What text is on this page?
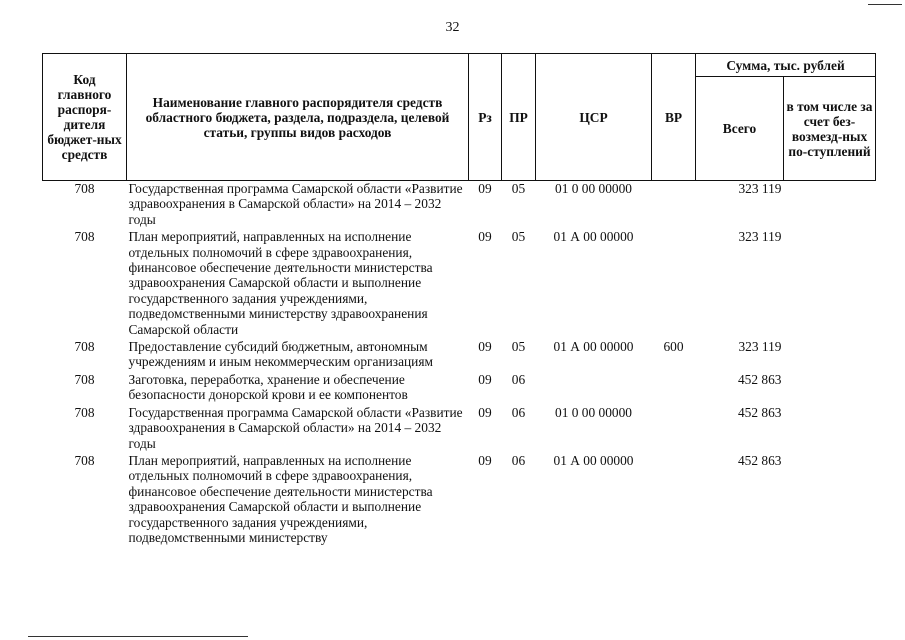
32
Код главного распоря-дителя бюджет-ных средств	Наименование главного распорядителя средств областного бюджета, раздела, подраздела, целевой статьи, группы видов расходов	Рз	ПР	ЦСР	ВР	Сумма, тыс. рублей	
						Всего	в том числе за счет без-возмезд-ных по-ступлений
708	Государственная программа Самарской области «Развитие здравоохранения в Самарской области» на 2014 – 2032 годы	09	05	01 0 00 00000		323 119	
708	План мероприятий, направленных на исполнение отдельных полномочий в сфере здравоохранения, финансовое обеспечение деятельности министерства здравоохранения Самарской области и выполнение государственного задания учреждениями, подведомственными министерству здравоохранения Самарской области	09	05	01 А 00 00000		323 119	
708	Предоставление субсидий бюджетным, автономным учреждениям и иным некоммерческим организациям	09	05	01 А 00 00000	600	323 119	
708	Заготовка, переработка, хранение и обеспечение безопасности донорской крови и ее компонентов	09	06			452 863	
708	Государственная программа Самарской области «Развитие здравоохранения в Самарской области» на 2014 – 2032 годы	09	06	01 0 00 00000		452 863	
708	План мероприятий, направленных на исполнение отдельных полномочий в сфере здравоохранения, финансовое обеспечение деятельности министерства здравоохранения Самарской области и выполнение государственного задания учреждениями, подведомственными министерству	09	06	01 А 00 00000		452 863	
